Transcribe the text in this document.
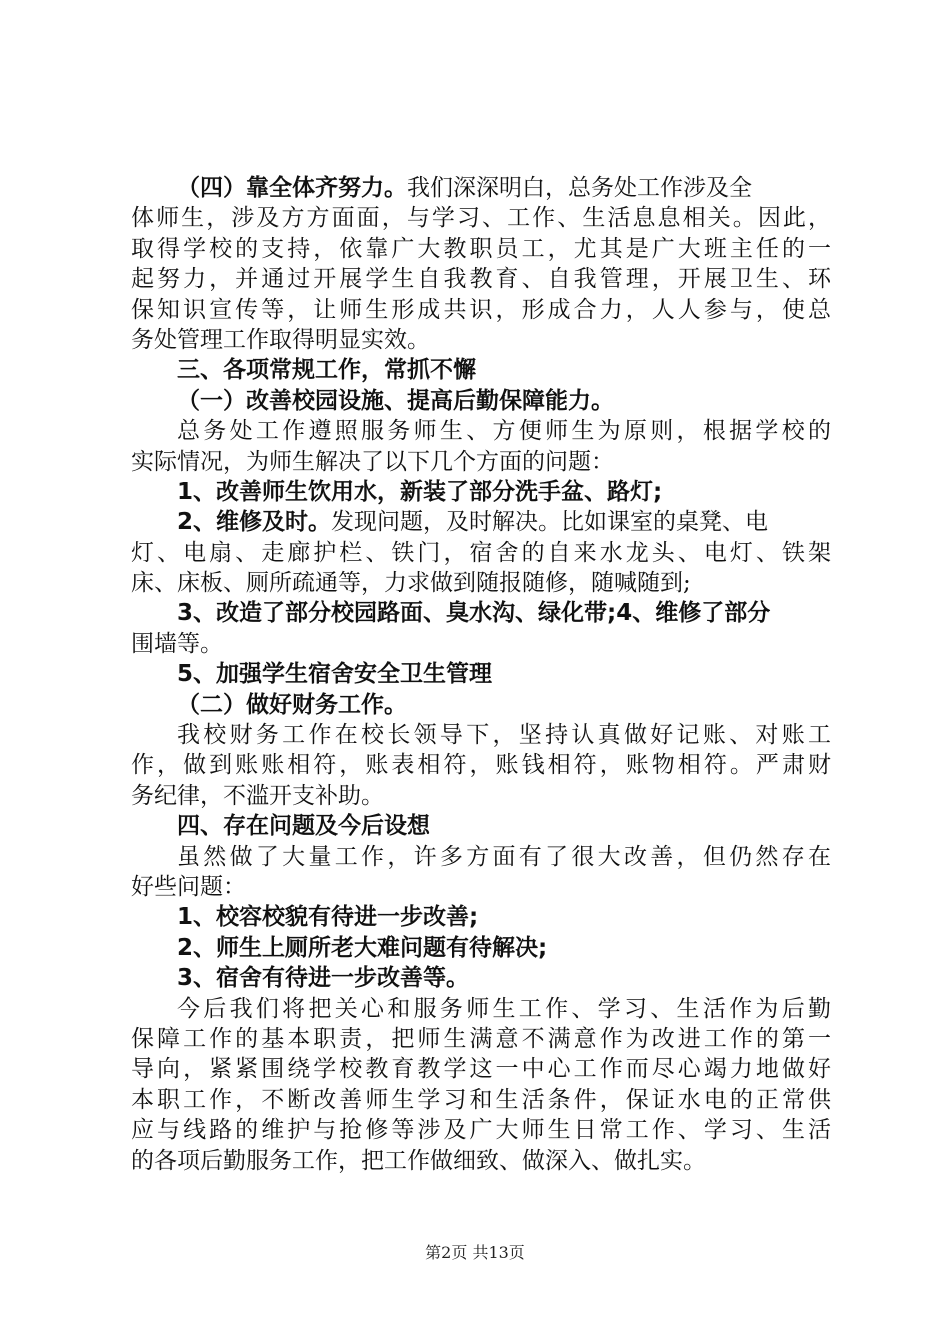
（四）靠全体齐努力。我们深深明白，总务处工作涉及全
体师生，涉及方方面面，与学习、工作、生活息息相关。因此，
取得学校的支持，依靠广大教职员工，尤其是广大班主任的一
起努力，并通过开展学生自我教育、自我管理，开展卫生、环
保知识宣传等，让师生形成共识，形成合力，人人参与，使总
务处管理工作取得明显实效。
三、各项常规工作，常抓不懈
（一）改善校园设施、提高后勤保障能力。
总务处工作遵照服务师生、方便师生为原则，根据学校的
实际情况，为师生解决了以下几个方面的问题：
1、改善师生饮用水，新装了部分洗手盆、路灯;
2、维修及时。发现问题，及时解决。比如课室的桌凳、电
灯、电扇、走廊护栏、铁门，宿舍的自来水龙头、电灯、铁架
床、床板、厕所疏通等，力求做到随报随修，随喊随到;
3、改造了部分校园路面、臭水沟、绿化带;4、维修了部分
围墙等。
5、加强学生宿舍安全卫生管理
（二）做好财务工作。
我校财务工作在校长领导下，坚持认真做好记账、对账工
作，做到账账相符，账表相符，账钱相符，账物相符。严肃财
务纪律，不滥开支补助。
四、存在问题及今后设想
虽然做了大量工作，许多方面有了很大改善，但仍然存在
好些问题：
1、校容校貌有待进一步改善;
2、师生上厕所老大难问题有待解决;
3、宿舍有待进一步改善等。
今后我们将把关心和服务师生工作、学习、生活作为后勤
保障工作的基本职责，把师生满意不满意作为改进工作的第一
导向，紧紧围绕学校教育教学这一中心工作而尽心竭力地做好
本职工作，不断改善师生学习和生活条件，保证水电的正常供
应与线路的维护与抢修等涉及广大师生日常工作、学习、生活
的各项后勤服务工作，把工作做细致、做深入、做扎实。
第2页 共13页
